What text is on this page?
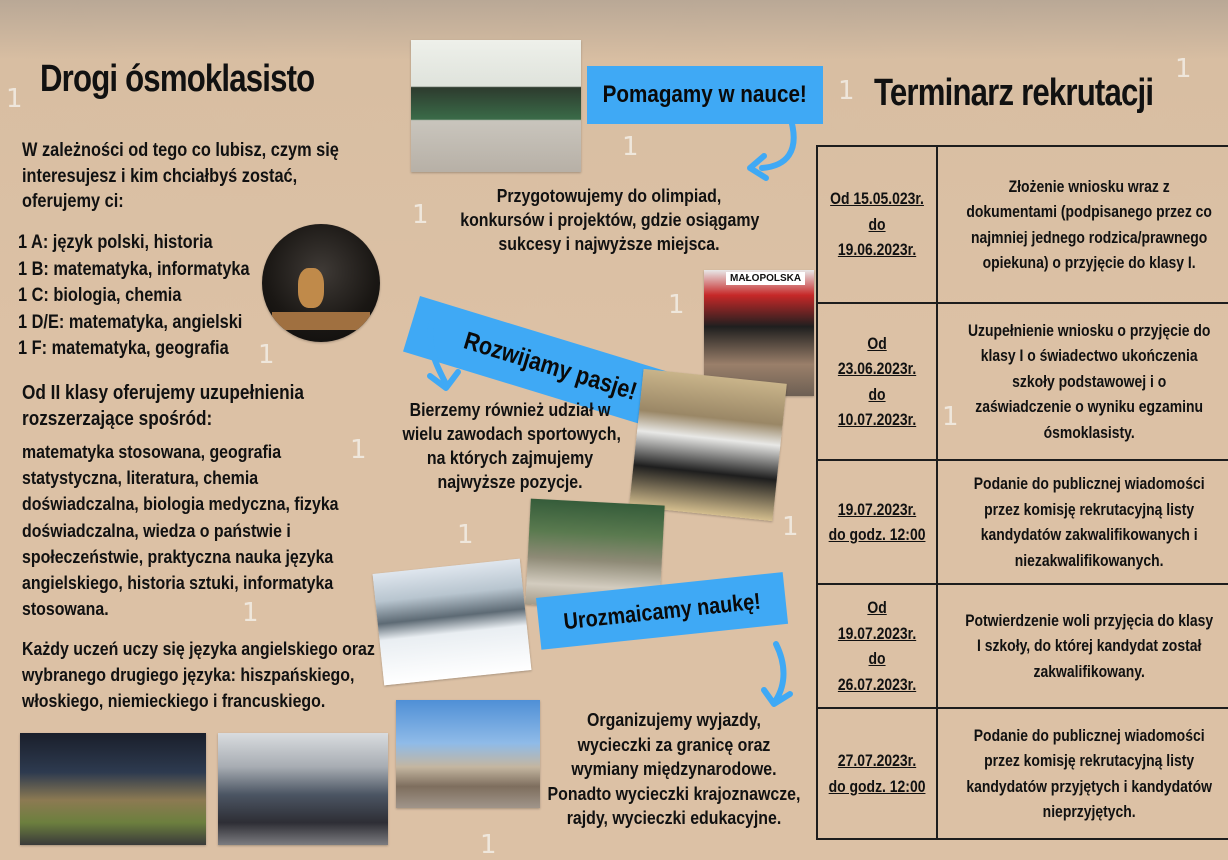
1
1
1
1
1
1
1
1
1
1
1
1
1
Drogi ósmoklasisto
W zależności od tego co lubisz, czym się
interesujesz i kim chciałbyś zostać,
oferujemy ci:
1 A: język polski, historia
1 B: matematyka, informatyka
1 C: biologia, chemia
1 D/E: matematyka, angielski
1 F: matematyka, geografia
Od II klasy oferujemy uzupełnienia
rozszerzające spośród:
matematyka stosowana, geografia
statystyczna, literatura, chemia
doświadczalna, biologia medyczna, fizyka
doświadczalna, wiedza o państwie i
społeczeństwie, praktyczna nauka języka
angielskiego, historia sztuki, informatyka
stosowana.
Każdy uczeń uczy się języka angielskiego oraz
wybranego drugiego języka: hiszpańskiego,
włoskiego, niemieckiego i francuskiego.
Pomagamy w nauce!
Przygotowujemy do olimpiad,
konkursów i projektów, gdzie osiągamy
sukcesy i najwyższe miejsca.
Rozwijamy pasje!
MAŁOPOLSKA
Bierzemy również udział w
wielu zawodach sportowych,
na których zajmujemy
najwyższe pozycje.
Urozmaicamy naukę!
Organizujemy wyjazdy,
wycieczki za granicę oraz
wymiany międzynarodowe.
Ponadto wycieczki krajoznawcze,
rajdy, wycieczki edukacyjne.
Terminarz rekrutacji
Od 15.05.023r.
do
19.06.2023r.	Złożenie wniosku wraz z
dokumentami (podpisanego przez co
najmniej jednego rodzica/prawnego
opiekuna) o przyjęcie do klasy I.

Od
23.06.2023r.
do
10.07.2023r.	Uzupełnienie wniosku o przyjęcie do
klasy I o świadectwo ukończenia
szkoły podstawowej i o
zaświadczenie o wyniku egzaminu
ósmoklasisty.

19.07.2023r.
do godz. 12:00	Podanie do publicznej wiadomości
przez komisję rekrutacyjną listy
kandydatów zakwalifikowanych i
niezakwalifikowanych.

Od
19.07.2023r.
do
26.07.2023r.	Potwierdzenie woli przyjęcia do klasy
I szkoły, do której kandydat został
zakwalifikowany.

27.07.2023r.
do godz. 12:00	Podanie do publicznej wiadomości
przez komisję rekrutacyjną listy
kandydatów przyjętych i kandydatów
nieprzyjętych.
